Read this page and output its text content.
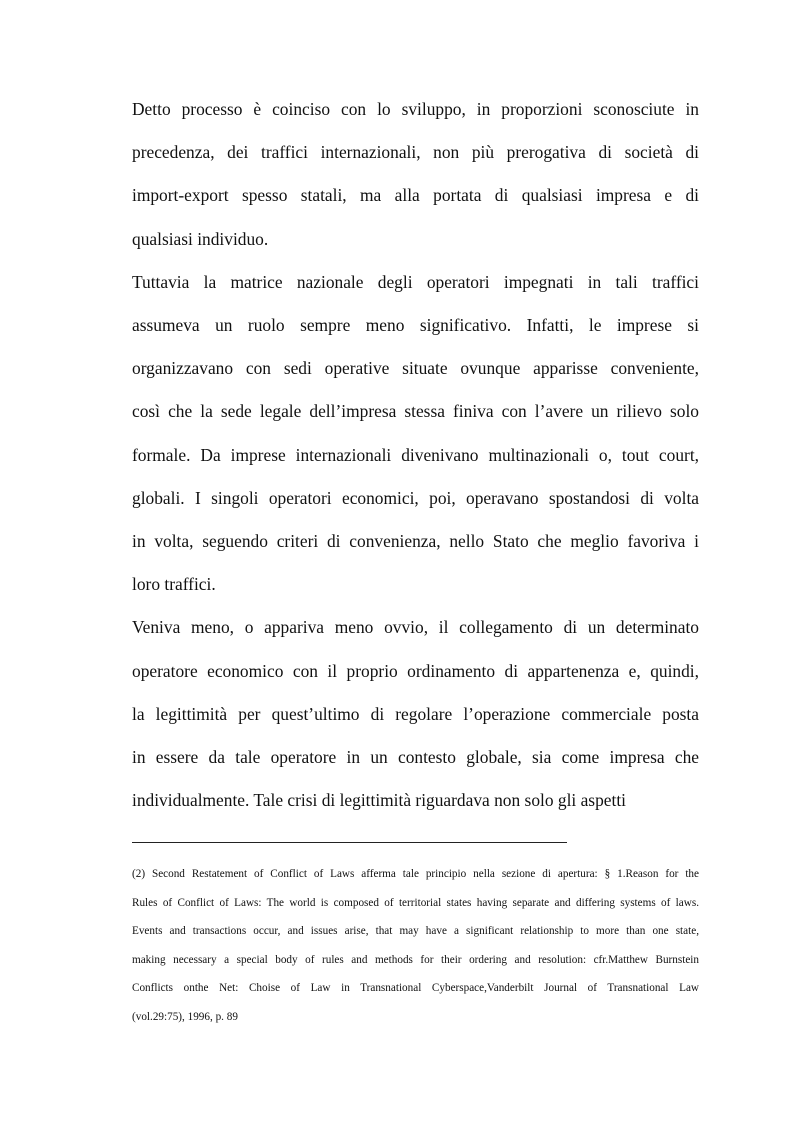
Detto processo è coinciso con lo sviluppo, in proporzioni sconosciute in
precedenza, dei traffici internazionali, non più prerogativa di società di
import-export spesso statali, ma alla portata di qualsiasi impresa e di
qualsiasi individuo.

Tuttavia la matrice nazionale degli operatori impegnati in tali traffici
assumeva un ruolo sempre meno significativo. Infatti, le imprese si
organizzavano con sedi operative situate ovunque apparisse conveniente,
così che la sede legale dell’impresa stessa finiva con l’avere un rilievo solo
formale. Da imprese internazionali divenivano multinazionali o, tout court,
globali. I singoli operatori economici, poi, operavano spostandosi di volta
in volta, seguendo criteri di convenienza, nello Stato che meglio favoriva i
loro traffici.

Veniva meno, o appariva meno ovvio, il collegamento di un determinato
operatore economico con il proprio ordinamento di appartenenza e, quindi,
la legittimità per quest’ultimo di regolare l’operazione commerciale posta
in essere da tale operatore in un contesto globale, sia come impresa che
individualmente. Tale crisi di legittimità riguardava non solo gli aspetti

(2) Second Restatement of Conflict of Laws afferma tale principio nella sezione di apertura: § 1.Reason for the
Rules of Conflict of Laws: The world is composed of territorial states having separate and differing systems of laws.
Events and transactions occur, and issues arise, that may have a significant relationship to more than one state,
making necessary a special body of rules and methods for their ordering and resolution: cfr.Matthew Burnstein
Conflicts onthe Net: Choise of Law in Transnational Cyberspace,Vanderbilt Journal of Transnational Law
(vol.29:75), 1996, p. 89
